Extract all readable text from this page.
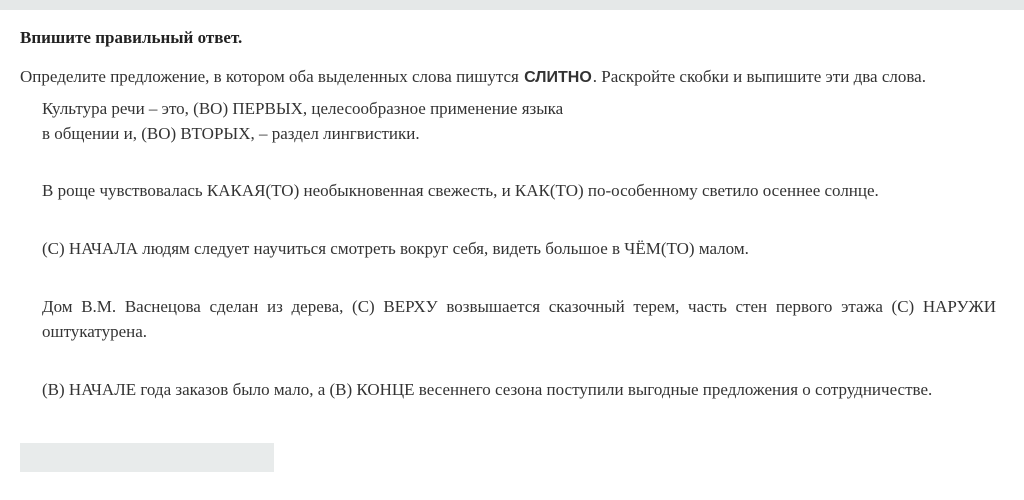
Впишите правильный ответ.
Определите предложение, в котором оба выделенных слова пишутся СЛИТНО. Раскройте скобки и выпишите эти два слова.
Культура речи – это, (ВО) ПЕРВЫХ, целесообразное применение языка
в общении и, (ВО) ВТОРЫХ, – раздел лингвистики.
В роще чувствовалась КАКАЯ(ТО) необыкновенная свежесть, и КАК(ТО) по-особенному светило осеннее солнце.
(С) НАЧАЛА людям следует научиться смотреть вокруг себя, видеть большое в ЧЁМ(ТО) малом.
Дом В.М. Васнецова сделан из дерева, (С) ВЕРХУ возвышается сказочный терем, часть стен первого этажа (С) НАРУЖИ оштукатурена.
(В) НАЧАЛЕ года заказов было мало, а (В) КОНЦЕ весеннего сезона поступили выгодные предложения о сотрудничестве.
